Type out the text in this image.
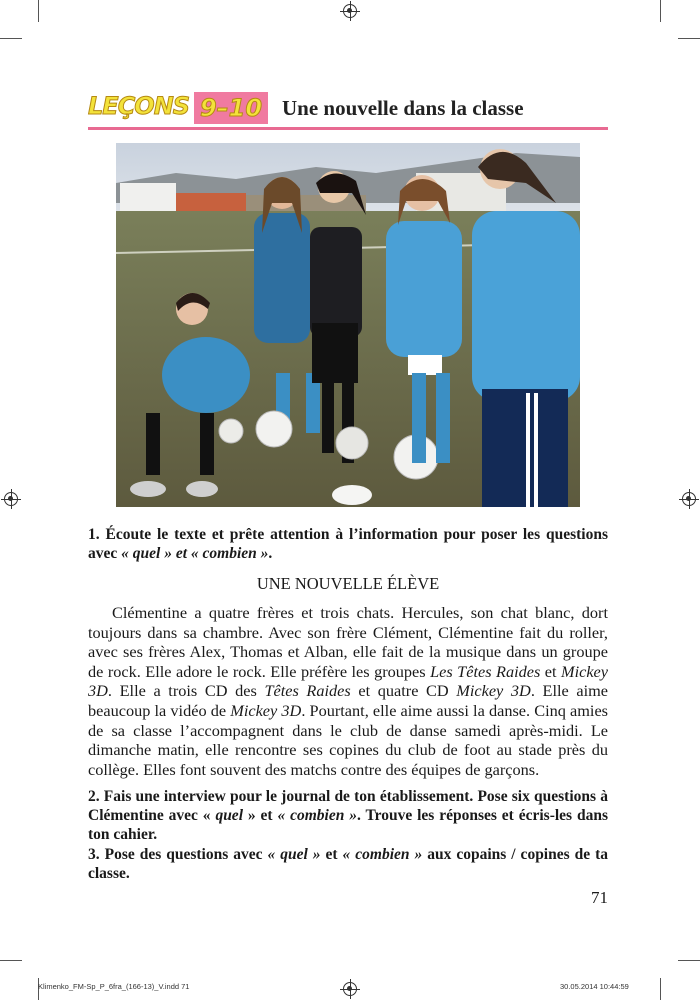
LEÇONS 9–10 Une nouvelle dans la classe
1. Écoute le texte et prête attention à l’information pour poser les questions avec « quel » et « combien ».
UNE NOUVELLE ÉLÈVE
Clémentine a quatre frères et trois chats. Hercules, son chat blanc, dort toujours dans sa chambre. Avec son frère Clément, Clémentine fait du roller, avec ses frères Alex, Thomas et Alban, elle fait de la musique dans un groupe de rock. Elle adore le rock. Elle préfère les groupes Les Têtes Raides et Mickey 3D. Elle a trois CD des Têtes Raides et quatre CD Mickey 3D. Elle aime beaucoup la vidéo de Mickey 3D. Pourtant, elle aime aussi la danse. Cinq amies de sa classe l’accompagnent dans le club de danse samedi après-midi. Le dimanche matin, elle rencontre ses copines du club de foot au stade près du collège. Elles font souvent des matchs contre des équipes de garçons.
2. Fais une interview pour le journal de ton établissement. Pose six questions à Clémentine avec « quel » et « combien ». Trouve les réponses et écris-les dans ton cahier.
3. Pose des questions avec « quel » et « combien » aux copains / copines de ta classe.
71
Klimenko_FM-Sp_P_6fra_(166-13)_V.indd 71	30.05.2014 10:44:59
